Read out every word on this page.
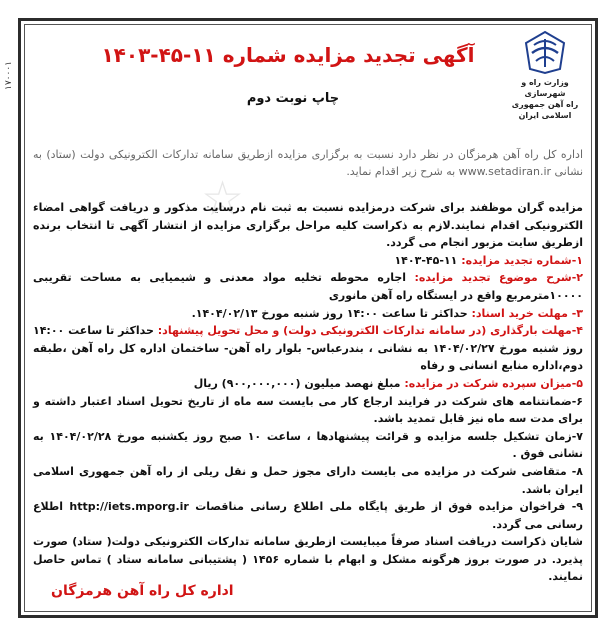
۱۷۰۰۰۱	وزارت راه و شهرسازی
راه آهن جمهوری اسلامی ایران
آگهی تجدید مزایده شماره ۱۱-۴۵-۱۴۰۳
چاپ نوبت دوم
☆
اداره کل راه آهن هرمزگان در نظر دارد نسبت به برگزاری مزایده ازطریق سامانه تدارکات الکترونیکی دولت (ستاد) به نشانی www.setadiran.ir به شرح زیر اقدام نماید.

مزایده گران موظفند برای شرکت درمزایده نسبت به ثبت نام درسایت مذکور و دریافت گواهی امضاء الکترونیکی اقدام نمایند.لازم به ذکراست کلیه مراحل برگزاری مزایده از انتشار آگهی تا انتخاب برنده ازطریق سایت مزبور انجام می گردد.

۱-شماره تجدید مزایده: ۱۱-۴۵-۱۴۰۳

۲-شرح موضوع تجدید مزایده: اجاره محوطه تخلیه مواد معدنی و شیمیایی به مساحت تقریبی ۱۰۰۰۰مترمربع واقع در ایستگاه راه آهن مانوری

۳- مهلت خرید اسناد: حداکثر تا ساعت ۱۴:۰۰ روز شنبه مورخ ۱۴۰۴/۰۲/۱۳.

۴-مهلت بارگذاری (در سامانه تدارکات الکترونیکی دولت) و محل تحویل پیشنهاد: حداکثر تا ساعت ۱۴:۰۰ روز شنبه مورخ ۱۴۰۴/۰۲/۲۷ به نشانی ، بندرعباس- بلوار راه آهن- ساختمان اداره کل راه آهن ،طبقه دوم،اداره منابع انسانی و رفاه

۵-میزان سپرده شرکت در مزایده: مبلغ نهصد میلیون (۹۰۰,۰۰۰,۰۰۰) ریال

۶-ضمانتنامه های شرکت در فرایند ارجاع کار می بایست سه ماه از تاریخ تحویل اسناد اعتبار داشته و برای مدت سه ماه نیز قابل تمدید باشد.

۷-زمان تشکیل جلسه مزایده و قرائت پیشنهادها ، ساعت ۱۰ صبح روز یکشنبه مورخ ۱۴۰۴/۰۲/۲۸ به نشانی فوق .

۸- متقاضی شرکت در مزایده می بایست دارای مجوز حمل و نقل ریلی از راه آهن جمهوری اسلامی ایران باشد.

۹- فراخوان مزایده فوق از طریق پایگاه ملی اطلاع رسانی مناقصات http://iets.mporg.ir اطلاع رسانی می گردد.

شایان ذکراست دریافت اسناد صرفاً میبایست ازطریق سامانه تدارکات الکترونیکی دولت( ستاد) صورت پذیرد. در صورت بروز هرگونه مشکل و ابهام با شماره ۱۴۵۶ ( پشتیبانی سامانه ستاد ) تماس حاصل نمایند.

اداره کل راه آهن هرمزگان
